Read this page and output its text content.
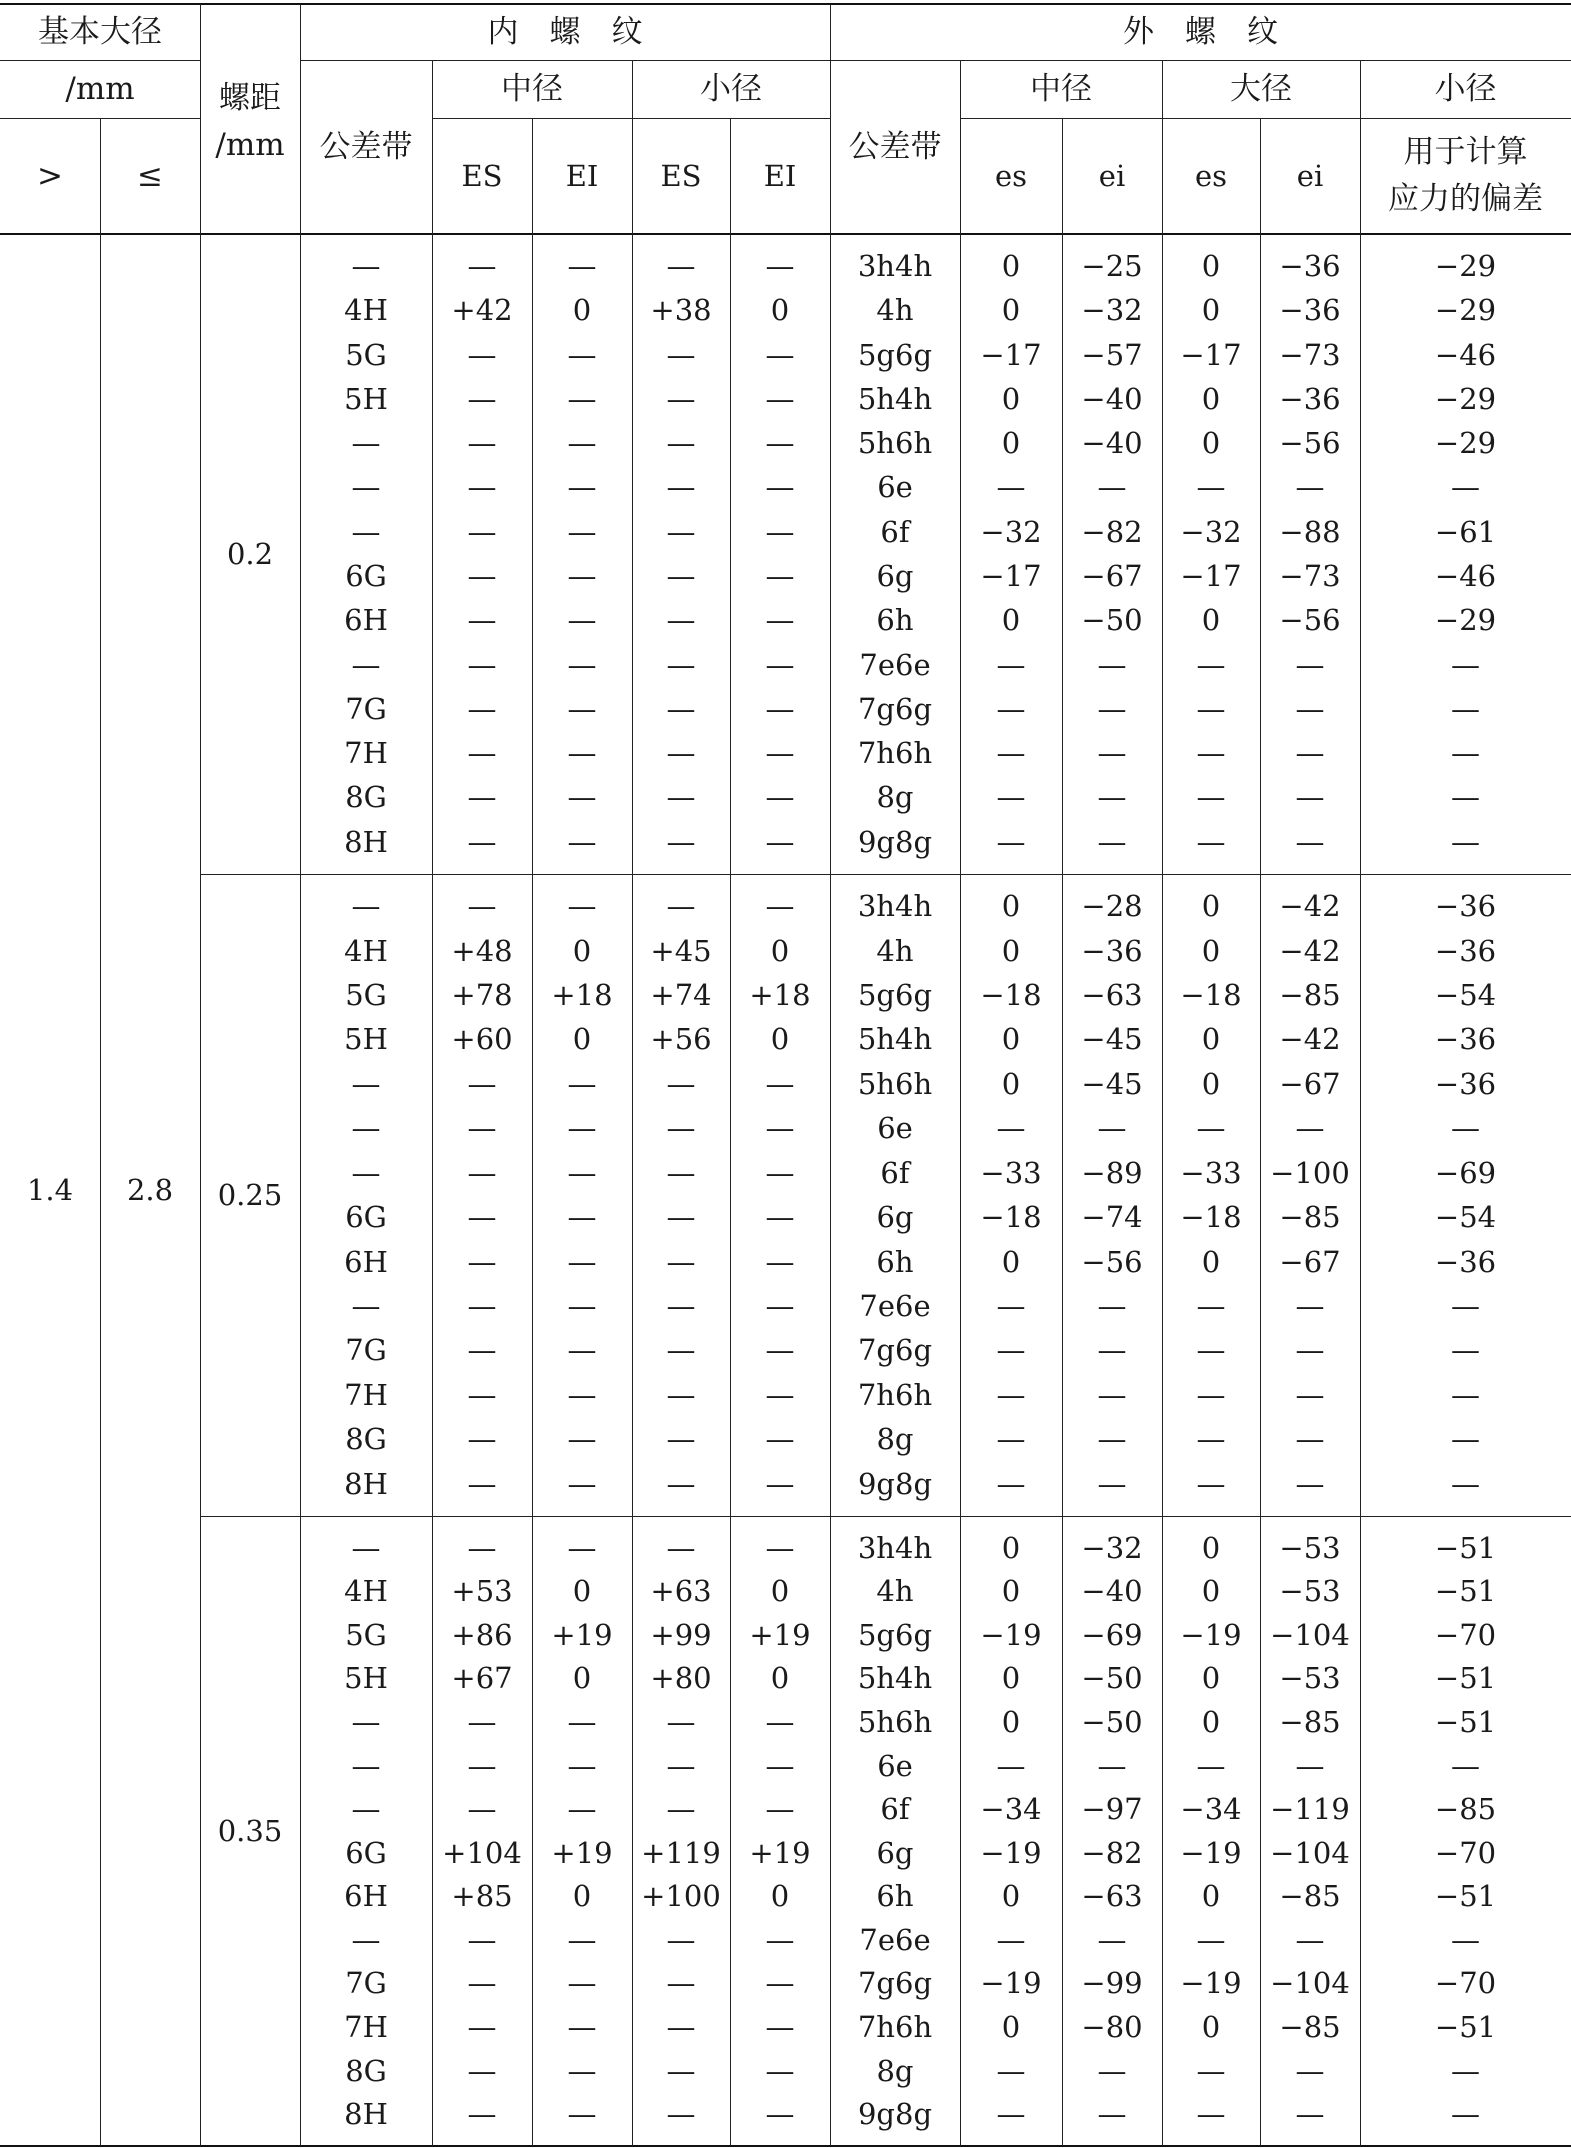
基本大径
/mm
>	≤
螺距
/mm
内　螺　纹	外　螺　纹
公差带
中径	小径
ES	EI	ES	EI
公差带
中径	大径	小径
es	ei	es	ei
用于计算
应力的偏差
1.4	2.8
0.2
—	—	—	—	—	3h4h	0	−25	0	−36	−29
4H	+42	0	+38	0	4h	0	−32	0	−36	−29
5G	—	—	—	—	5g6g	−17	−57	−17	−73	−46
5H	—	—	—	—	5h4h	0	−40	0	−36	−29
—	—	—	—	—	5h6h	0	−40	0	−56	−29
—	—	—	—	—	6e	—	—	—	—	—
—	—	—	—	—	6f	−32	−82	−32	−88	−61
6G	—	—	—	—	6g	−17	−67	−17	−73	−46
6H	—	—	—	—	6h	0	−50	0	−56	−29
—	—	—	—	—	7e6e	—	—	—	—	—
7G	—	—	—	—	7g6g	—	—	—	—	—
7H	—	—	—	—	7h6h	—	—	—	—	—
8G	—	—	—	—	8g	—	—	—	—	—
8H	—	—	—	—	9g8g	—	—	—	—	—
0.25
—	—	—	—	—	3h4h	0	−28	0	−42	−36
4H	+48	0	+45	0	4h	0	−36	0	−42	−36
5G	+78	+18	+74	+18	5g6g	−18	−63	−18	−85	−54
5H	+60	0	+56	0	5h4h	0	−45	0	−42	−36
—	—	—	—	—	5h6h	0	−45	0	−67	−36
—	—	—	—	—	6e	—	—	—	—	—
—	—	—	—	—	6f	−33	−89	−33 −100	−69
6G	—	—	—	—	6g	−18	−74	−18	−85	−54
6H	—	—	—	—	6h	0	−56	0	−67	−36
—	—	—	—	—	7e6e	—	—	—	—	—
7G	—	—	—	—	7g6g	—	—	—	—	—
7H	—	—	—	—	7h6h	—	—	—	—	—
8G	—	—	—	—	8g	—	—	—	—	—
8H	—	—	—	—	9g8g	—	—	—	—	—
0.35
—	—	—	—	—	3h4h	0	−32	0	−53	−51
4H	+53	0	+63	0	4h	0	−40	0	−53	−51
5G	+86	+19	+99	+19	5g6g	−19	−69	−19 −104	−70
5H	+67	0	+80	0	5h4h	0	−50	0	−53	−51
—	—	—	—	—	5h6h	0	−50	0	−85	−51
—	—	—	—	—	6e	—	—	—	—	—
—	—	—	—	—	6f	−34	−97	−34 −119	−85
6G	+104	+19 +119 +19	6g	−19	−82	−19 −104	−70
6H	+85	0	+100	0	6h	0	−63	0	−85	−51
—	—	—	—	—	7e6e	—	—	—	—	—
7G	—	—	—	—	7g6g	−19	−99	−19 −104	−70
7H	—	—	—	—	7h6h	0	−80	0	−85	−51
8G	—	—	—	—	8g	—	—	—	—	—
8H	—	—	—	—	9g8g	—	—	—	—	—
